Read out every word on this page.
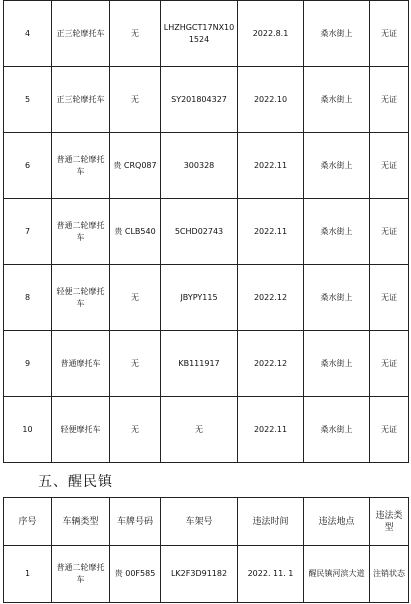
4	正三轮摩托车	无	LHZHGCT17NX101524	2022.8.1	桑水街上	无证
5	正三轮摩托车	无	SY201804327	2022.10	桑水街上	无证
6	普通二轮摩托车	贵 CRQ087	300328	2022.11	桑水街上	无证
7	普通二轮摩托车	贵 CLB540	5CHD02743	2022.11	桑水街上	无证
8	轻便二轮摩托车	无	JBYPY115	2022.12	桑水街上	无证
9	普通摩托车	无	KB111917	2022.12	桑水街上	无证
10	轻便摩托车	无	无	2022.11	桑水街上	无证
五、醒民镇
序号	车辆类型	车牌号码	车架号	违法时间	违法地点	违法类型
1	普通二轮摩托车	贵 00F585	LK2F3D91182	2022. 11. 1	醒民镇河滨大道	注销状态
